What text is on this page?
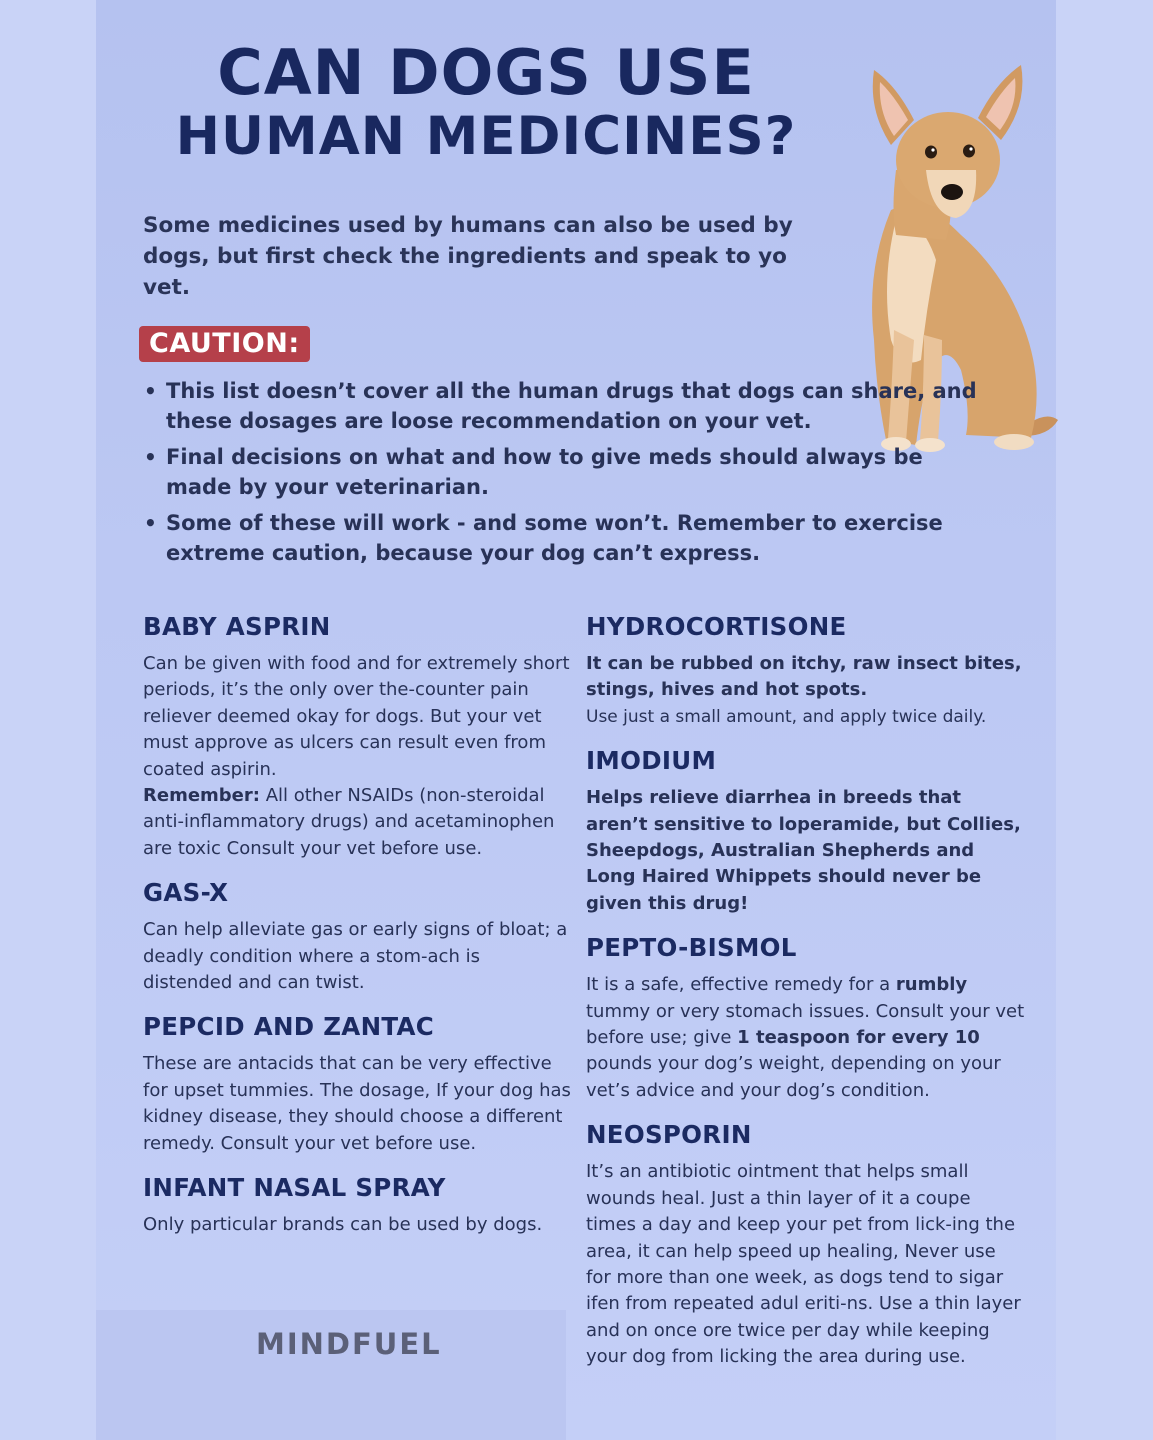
CAN DOGS USE
HUMAN MEDICINES?
Some medicines used by humans can also be used by dogs, but first check the ingredients and speak to yo vet.
CAUTION:
• This list doesn’t cover all the human drugs that dogs can share, and these dosages are loose recommendation on your vet.
• Final decisions on what and how to give meds should always be made by your veterinarian.
• Some of these will work - and some won’t. Remember to exercise extreme caution, because your dog can’t express.
BABY ASPRIN

Can be given with food and for extremely short periods, it’s the only over the-counter pain reliever deemed okay for dogs. But your vet must approve as ulcers can result even from coated aspirin.
Remember: All other NSAIDs (non-steroidal anti-inflammatory drugs) and acetaminophen are toxic Consult your vet before use.

GAS-X

Can help alleviate gas or early signs of bloat; a deadly condition where a stom-ach is distended and can twist.

PEPCID AND ZANTAC

These are antacids that can be very effective for upset tummies. The dosage, If your dog has kidney disease, they should choose a different remedy. Consult your vet before use.

INFANT NASAL SPRAY

Only particular brands can be used by dogs.

HYDROCORTISONE

It can be rubbed on itchy, raw insect bites, stings, hives and hot spots.

Use just a small amount, and apply twice daily.

IMODIUM

Helps relieve diarrhea in breeds that aren’t sensitive to loperamide, but Collies, Sheepdogs, Australian Shepherds and Long Haired Whippets should never be given this drug!

PEPTO-BISMOL

It is a safe, effective remedy for a rumbly tummy or very stomach issues. Consult your vet before use; give 1 teaspoon for every 10 pounds your dog’s weight, depending on your vet’s advice and your dog’s condition.

NEOSPORIN

It’s an antibiotic ointment that helps small wounds heal. Just a thin layer of it a coupe times a day and keep your pet from lick-ing the area, it can help speed up healing, Never use for more than one week, as dogs tend to sigar ifen from repeated adul eriti-ns. Use a thin layer and on once ore twice per day while keeping your dog from licking the area during use.

MINDFUEL
